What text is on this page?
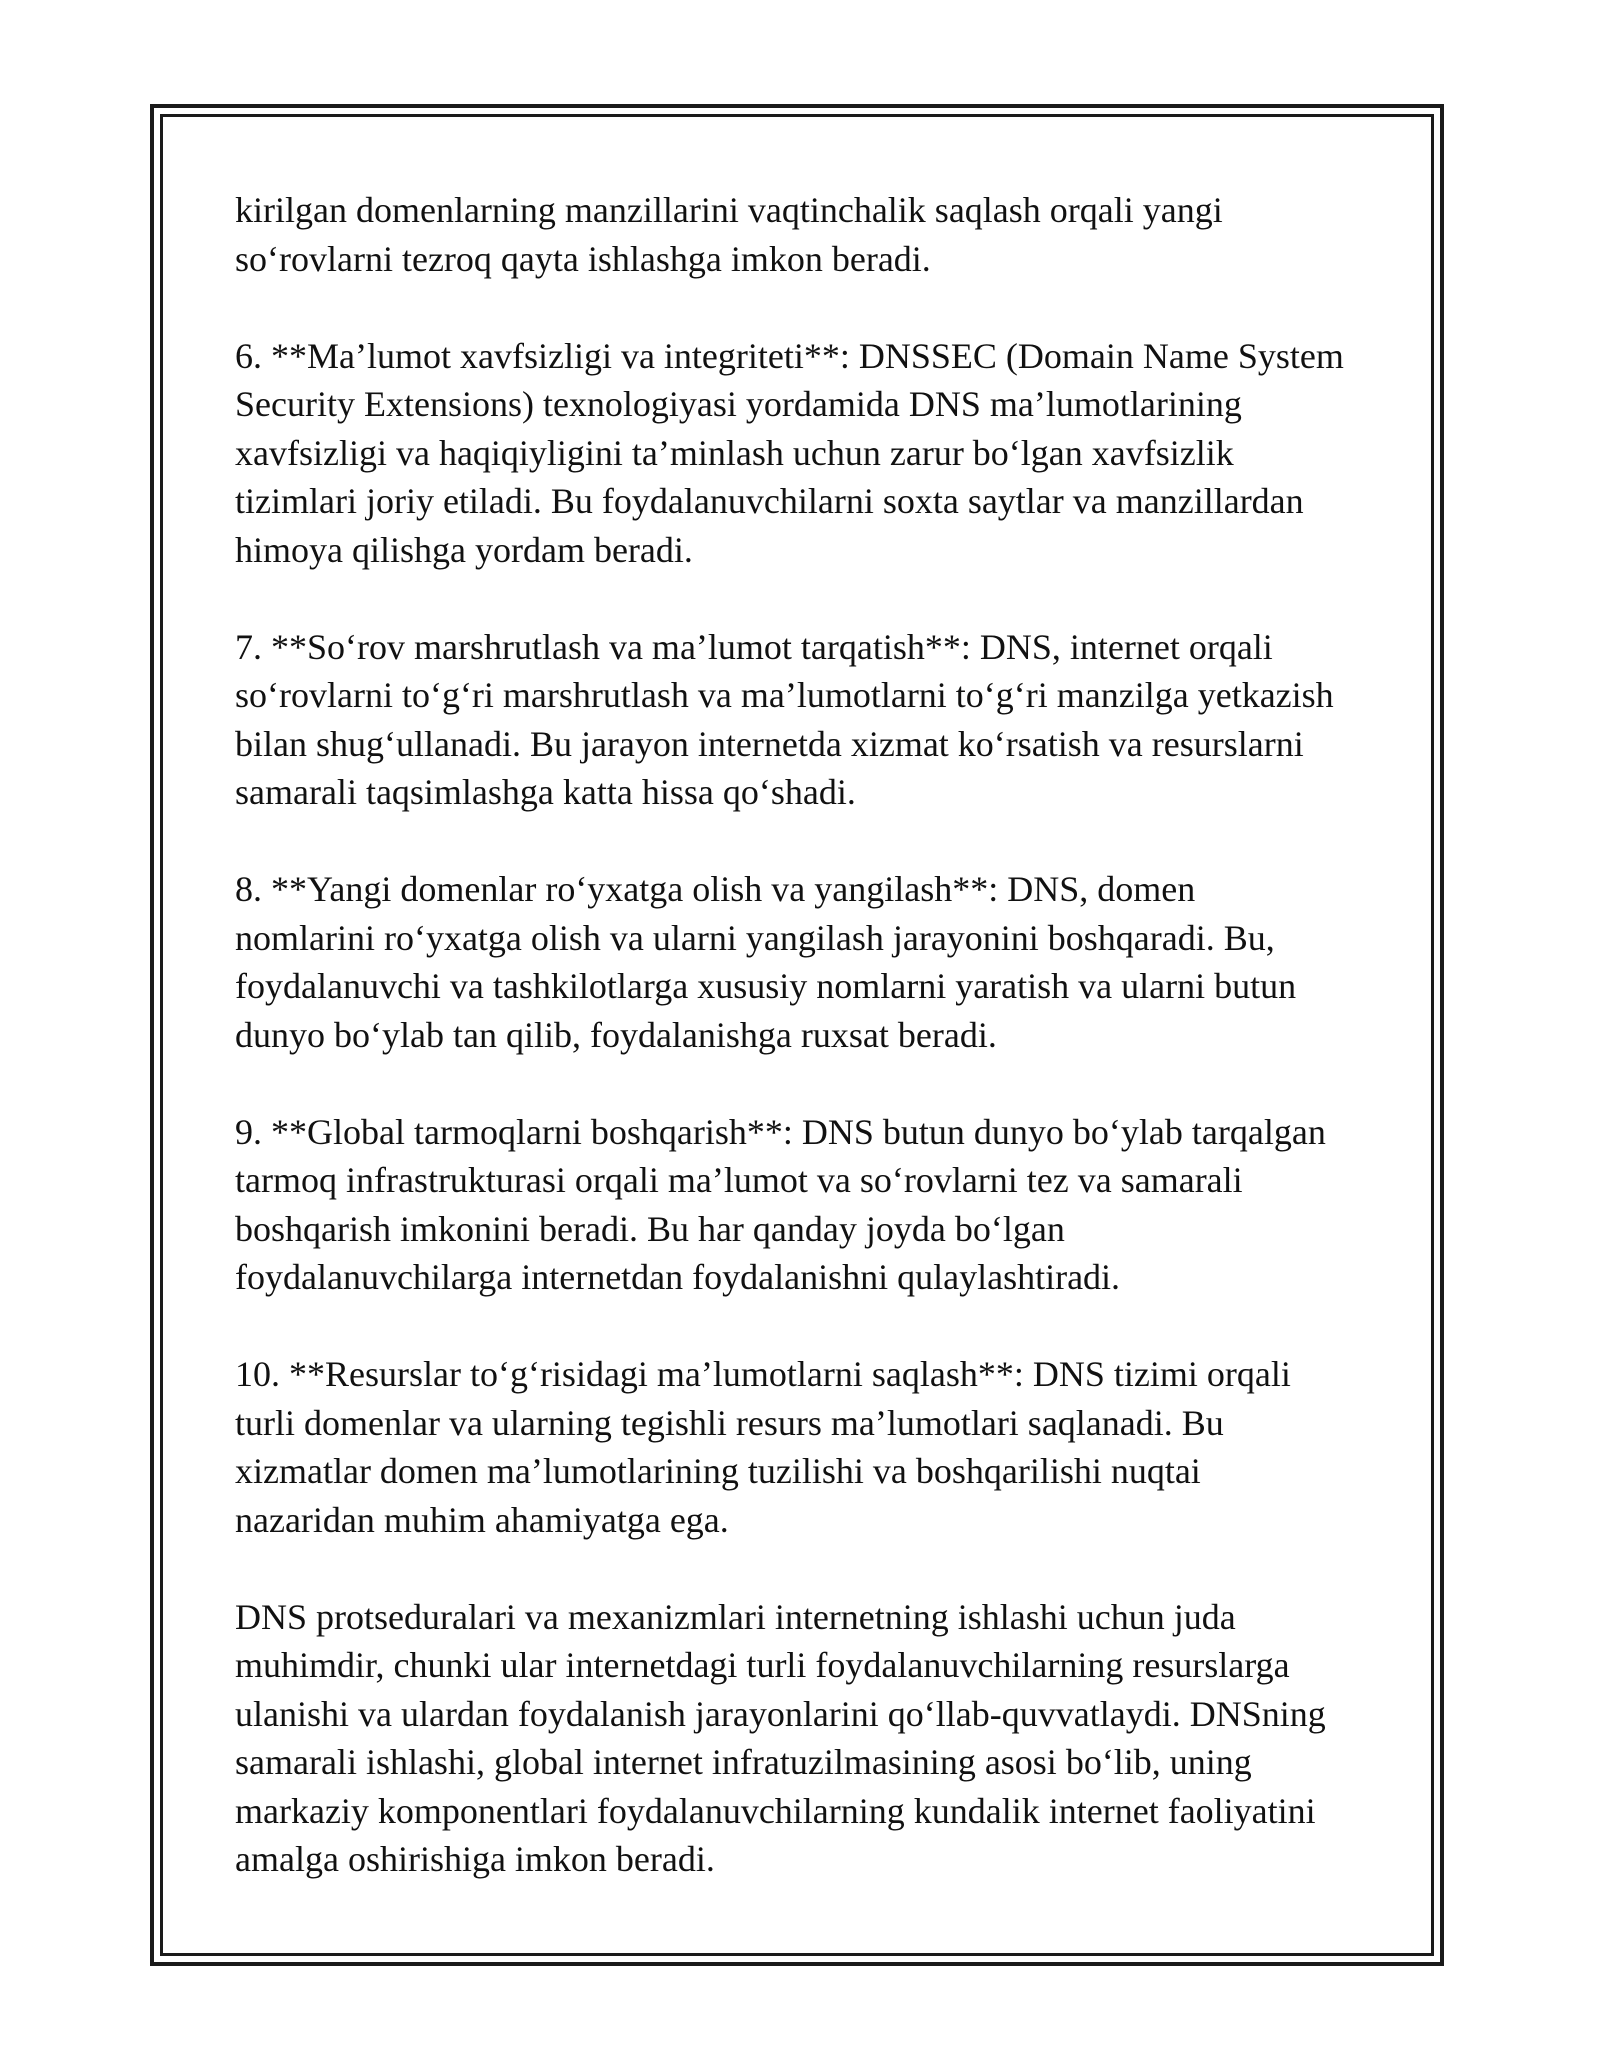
kirilgan domenlarning manzillarini vaqtinchalik saqlash orqali yangi
so‘rovlarni tezroq qayta ishlashga imkon beradi.

6. **Ma’lumot xavfsizligi va integriteti**: DNSSEC (Domain Name System
Security Extensions) texnologiyasi yordamida DNS ma’lumotlarining
xavfsizligi va haqiqiyligini ta’minlash uchun zarur bo‘lgan xavfsizlik
tizimlari joriy etiladi. Bu foydalanuvchilarni soxta saytlar va manzillardan
himoya qilishga yordam beradi.

7. **So‘rov marshrutlash va ma’lumot tarqatish**: DNS, internet orqali
so‘rovlarni to‘g‘ri marshrutlash va ma’lumotlarni to‘g‘ri manzilga yetkazish
bilan shug‘ullanadi. Bu jarayon internetda xizmat ko‘rsatish va resurslarni
samarali taqsimlashga katta hissa qo‘shadi.

8. **Yangi domenlar ro‘yxatga olish va yangilash**: DNS, domen
nomlarini ro‘yxatga olish va ularni yangilash jarayonini boshqaradi. Bu,
foydalanuvchi va tashkilotlarga xususiy nomlarni yaratish va ularni butun
dunyo bo‘ylab tan qilib, foydalanishga ruxsat beradi.

9. **Global tarmoqlarni boshqarish**: DNS butun dunyo bo‘ylab tarqalgan
tarmoq infrastrukturasi orqali ma’lumot va so‘rovlarni tez va samarali
boshqarish imkonini beradi. Bu har qanday joyda bo‘lgan
foydalanuvchilarga internetdan foydalanishni qulaylashtiradi.

10. **Resurslar to‘g‘risidagi ma’lumotlarni saqlash**: DNS tizimi orqali
turli domenlar va ularning tegishli resurs ma’lumotlari saqlanadi. Bu
xizmatlar domen ma’lumotlarining tuzilishi va boshqarilishi nuqtai
nazaridan muhim ahamiyatga ega.

DNS protseduralari va mexanizmlari internetning ishlashi uchun juda
muhimdir, chunki ular internetdagi turli foydalanuvchilarning resurslarga
ulanishi va ulardan foydalanish jarayonlarini qo‘llab-quvvatlaydi. DNSning
samarali ishlashi, global internet infratuzilmasining asosi bo‘lib, uning
markaziy komponentlari foydalanuvchilarning kundalik internet faoliyatini
amalga oshirishiga imkon beradi.
